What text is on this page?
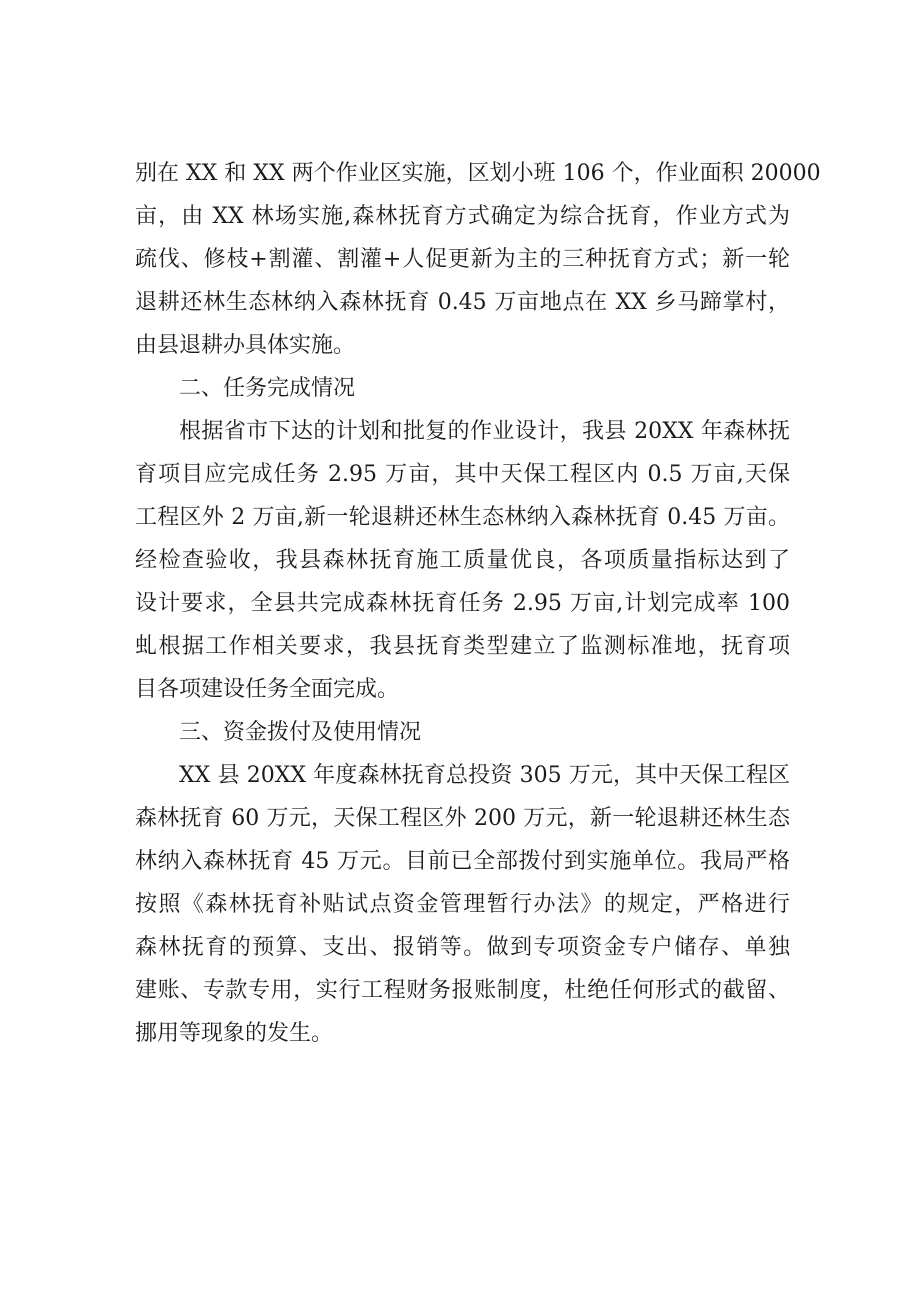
别在 XX 和 XX 两个作业区实施，区划小班 106 个，作业面积 20000
亩，由 XX 林场实施,森林抚育方式确定为综合抚育，作业方式为
疏伐、修枝+割灌、割灌+人促更新为主的三种抚育方式；新一轮
退耕还林生态林纳入森林抚育 0.45 万亩地点在 XX 乡马蹄掌村，
由县退耕办具体实施。
二、任务完成情况
根据省市下达的计划和批复的作业设计，我县 20XX 年森林抚
育项目应完成任务 2.95 万亩，其中天保工程区内 0.5 万亩,天保
工程区外 2 万亩,新一轮退耕还林生态林纳入森林抚育 0.45 万亩。
经检查验收，我县森林抚育施工质量优良，各项质量指标达到了
设计要求，全县共完成森林抚育任务 2.95 万亩,计划完成率 100
虬根据工作相关要求，我县抚育类型建立了监测标准地，抚育项
目各项建设任务全面完成。
三、资金拨付及使用情况
XX 县 20XX 年度森林抚育总投资 305 万元，其中天保工程区
森林抚育 60 万元，天保工程区外 200 万元，新一轮退耕还林生态
林纳入森林抚育 45 万元。目前已全部拨付到实施单位。我局严格
按照《森林抚育补贴试点资金管理暂行办法》的规定，严格进行
森林抚育的预算、支出、报销等。做到专项资金专户储存、单独
建账、专款专用，实行工程财务报账制度，杜绝任何形式的截留、
挪用等现象的发生。
